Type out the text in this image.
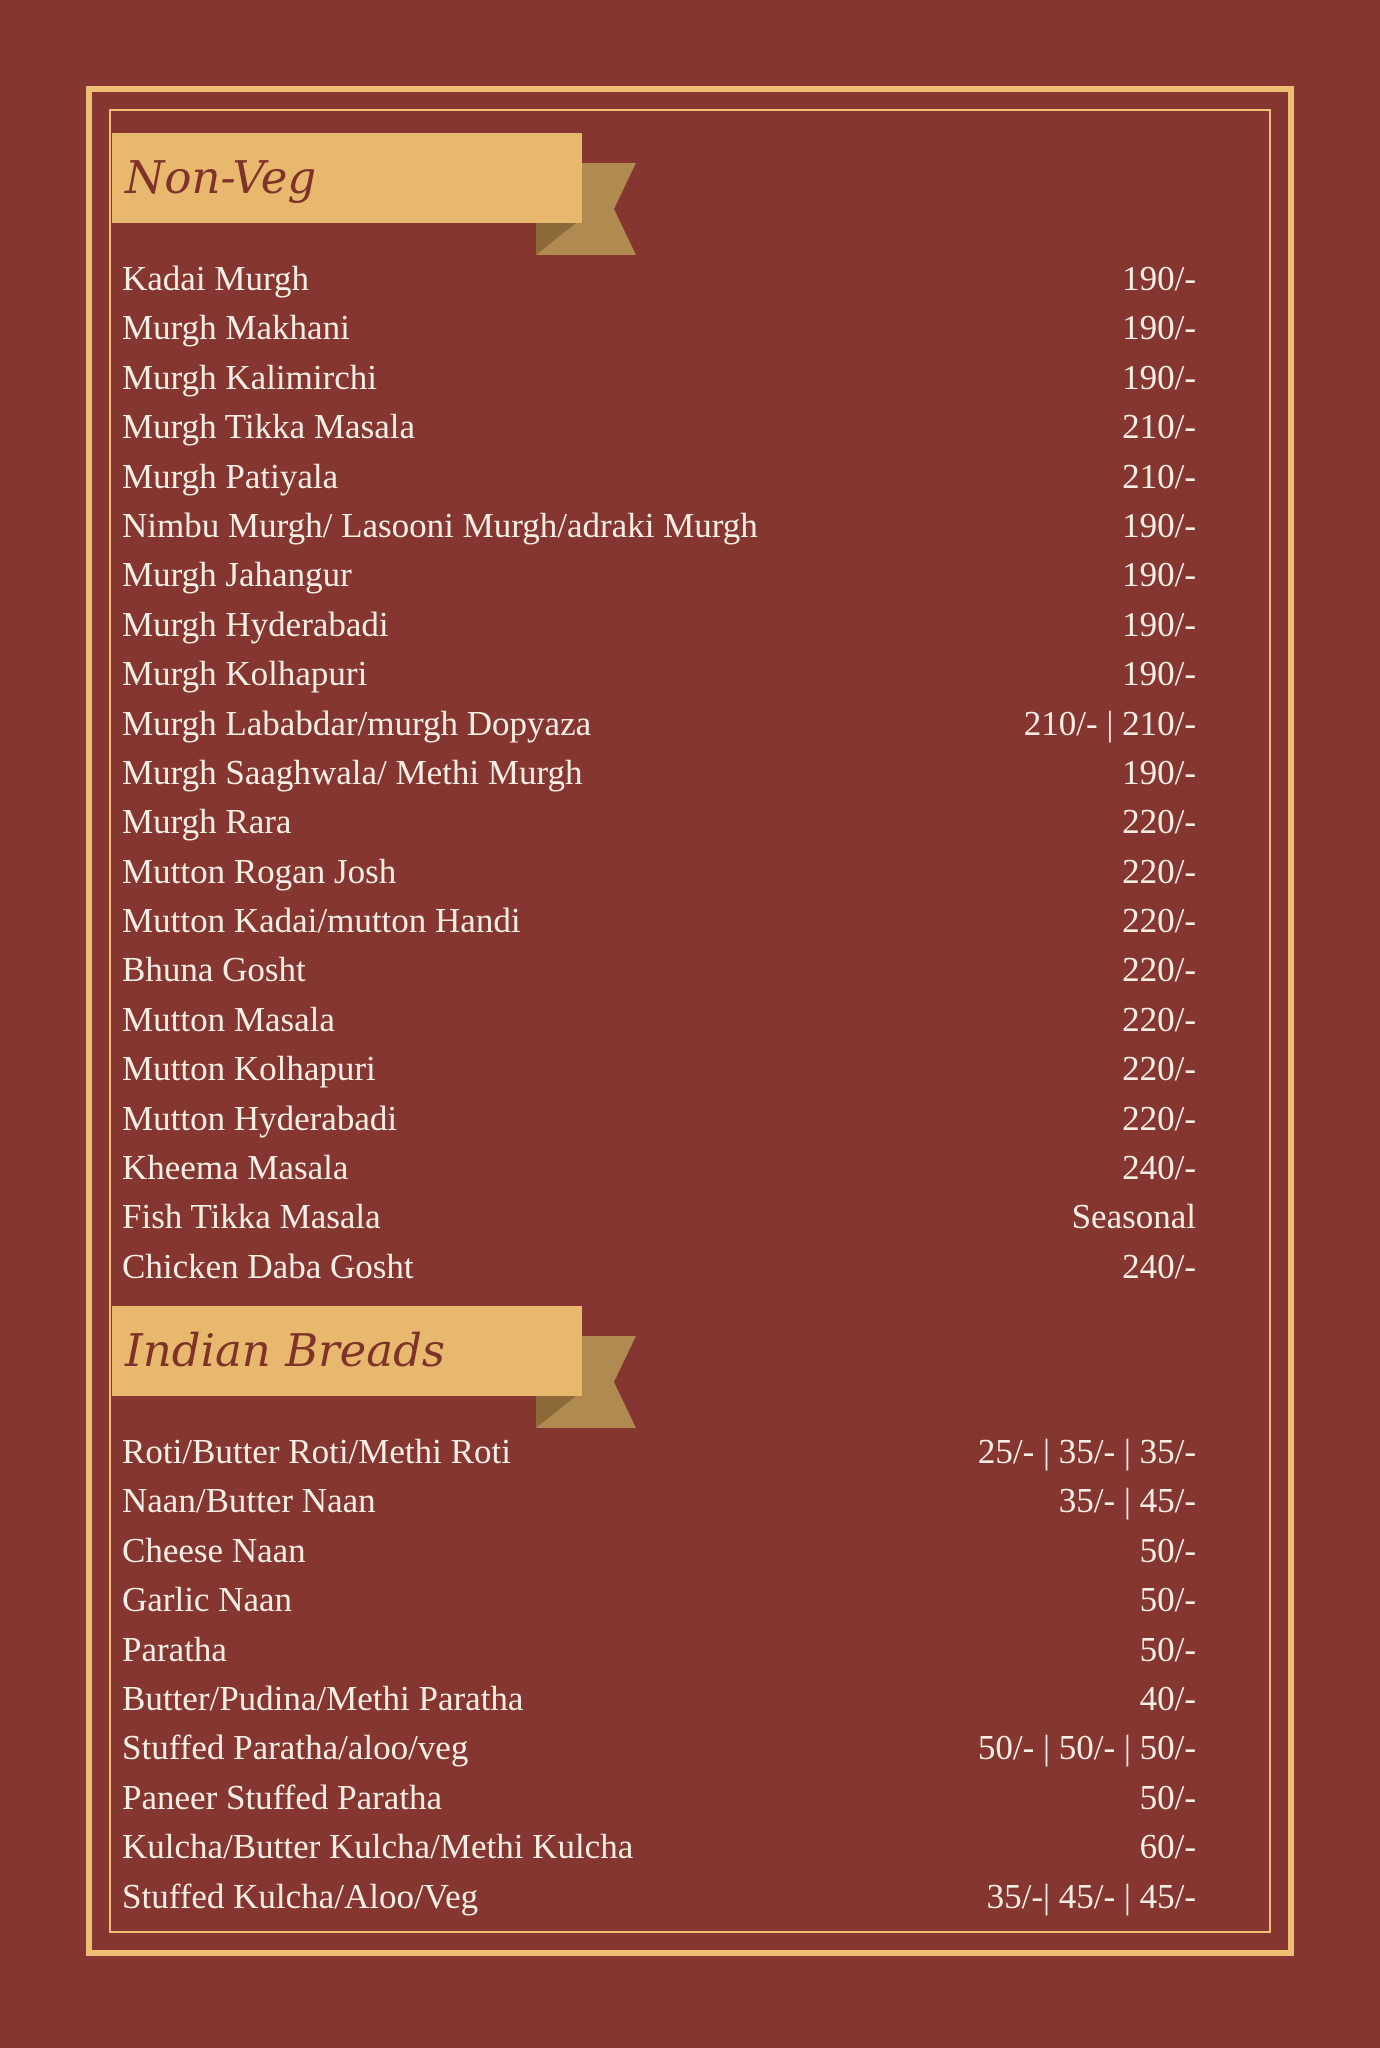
Non-Veg
Kadai Murgh	190/-
Murgh Makhani	190/-
Murgh Kalimirchi	190/-
Murgh Tikka Masala	210/-
Murgh Patiyala	210/-
Nimbu Murgh/ Lasooni Murgh/adraki Murgh	190/-
Murgh Jahangur	190/-
Murgh Hyderabadi	190/-
Murgh Kolhapuri	190/-
Murgh Lababdar/murgh Dopyaza	210/- | 210/-
Murgh Saaghwala/ Methi Murgh	190/-
Murgh Rara	220/-
Mutton Rogan Josh	220/-
Mutton Kadai/mutton Handi	220/-
Bhuna Gosht	220/-
Mutton Masala	220/-
Mutton Kolhapuri	220/-
Mutton Hyderabadi	220/-
Kheema Masala	240/-
Fish Tikka Masala	Seasonal
Chicken Daba Gosht	240/-
Indian Breads
Roti/Butter Roti/Methi Roti	25/- | 35/- | 35/-
Naan/Butter Naan	35/- | 45/-
Cheese Naan	50/-
Garlic Naan	50/-
Paratha	50/-
Butter/Pudina/Methi Paratha	40/-
Stuffed Paratha/aloo/veg	50/- | 50/- | 50/-
Paneer Stuffed Paratha	50/-
Kulcha/Butter Kulcha/Methi Kulcha	60/-
Stuffed Kulcha/Aloo/Veg	35/-| 45/- | 45/-
